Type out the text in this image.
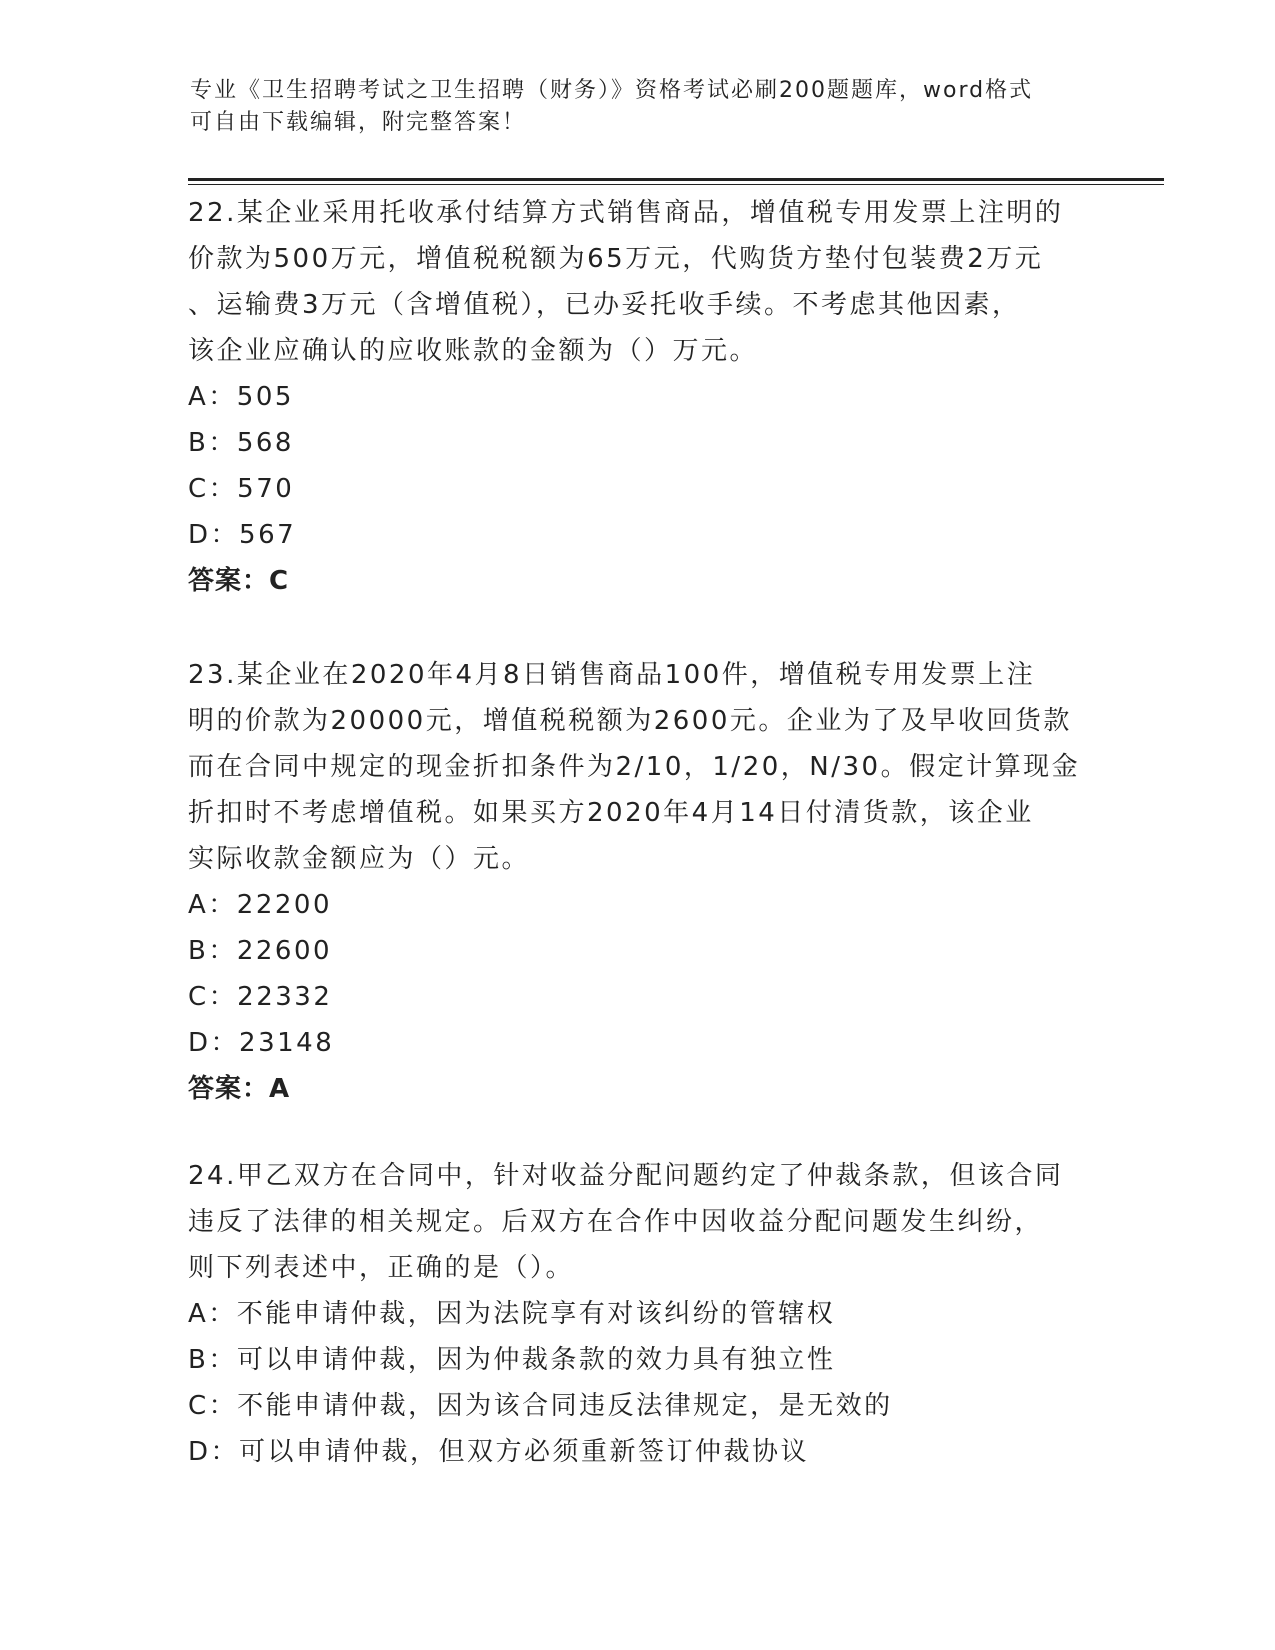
专业《卫生招聘考试之卫生招聘（财务）》资格考试必刷200题题库，word格式
可自由下载编辑，附完整答案！
22.某企业采用托收承付结算方式销售商品，增值税专用发票上注明的
价款为500万元，增值税税额为65万元，代购货方垫付包装费2万元
、运输费3万元（含增值税），已办妥托收手续。不考虑其他因素，
该企业应确认的应收账款的金额为（）万元。
A：505
B：568
C：570
D：567
答案：C
23.某企业在2020年4月8日销售商品100件，增值税专用发票上注
明的价款为20000元，增值税税额为2600元。企业为了及早收回货款
而在合同中规定的现金折扣条件为2/10，1/20，N/30。假定计算现金
折扣时不考虑增值税。如果买方2020年4月14日付清货款，该企业
实际收款金额应为（）元。
A：22200
B：22600
C：22332
D：23148
答案：A
24.甲乙双方在合同中，针对收益分配问题约定了仲裁条款，但该合同
违反了法律的相关规定。后双方在合作中因收益分配问题发生纠纷，
则下列表述中，正确的是（）。
A：不能申请仲裁，因为法院享有对该纠纷的管辖权
B：可以申请仲裁，因为仲裁条款的效力具有独立性
C：不能申请仲裁，因为该合同违反法律规定，是无效的
D：可以申请仲裁，但双方必须重新签订仲裁协议
